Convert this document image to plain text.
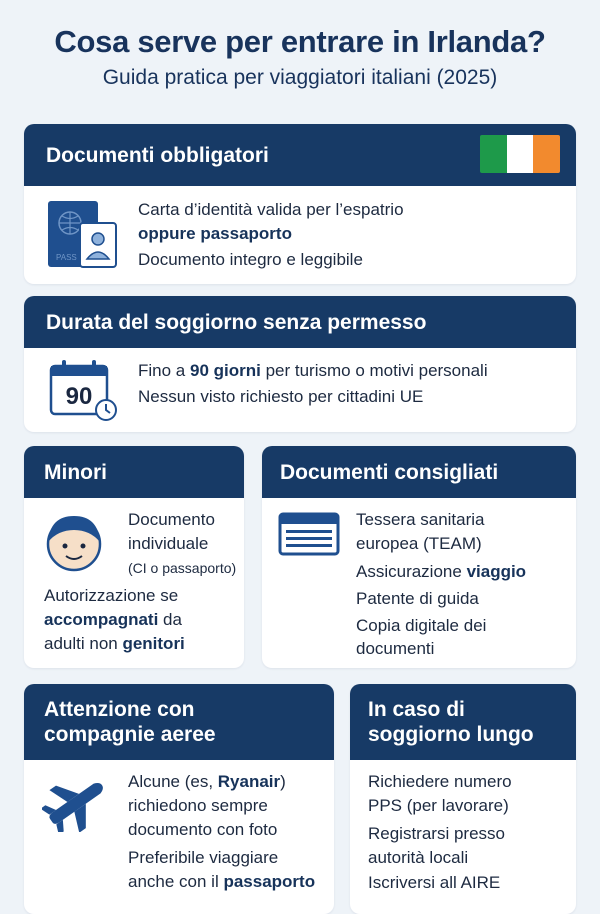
Cosa serve per entrare in Irlanda?
Guida pratica per viaggiatori italiani (2025)
Documenti obbligatori
PASS
Carta d’identità valida per l’espatrio
oppure passaporto
Documento integro e leggibile
Durata del soggiorno senza permesso
90
Fino a 90 giorni per turismo o motivi personali
Nessun visto richiesto per cittadini UE
Minori
Documento
individuale
(CI o passaporto)
Autorizzazione se
accompagnati da
adulti non genitori
Documenti consigliati
Tessera sanitaria
europea (TEAM)
Assicurazione viaggio
Patente di guida
Copia digitale dei
documenti
Attenzione con
compagnie aeree
Alcune (es, Ryanair)
richiedono sempre
documento con foto
Preferibile viaggiare
anche con il passaporto
In caso di
soggiorno lungo
Richiedere numero
PPS (per lavorare)
Registrarsi presso
autorità locali
Iscriversi all AIRE
